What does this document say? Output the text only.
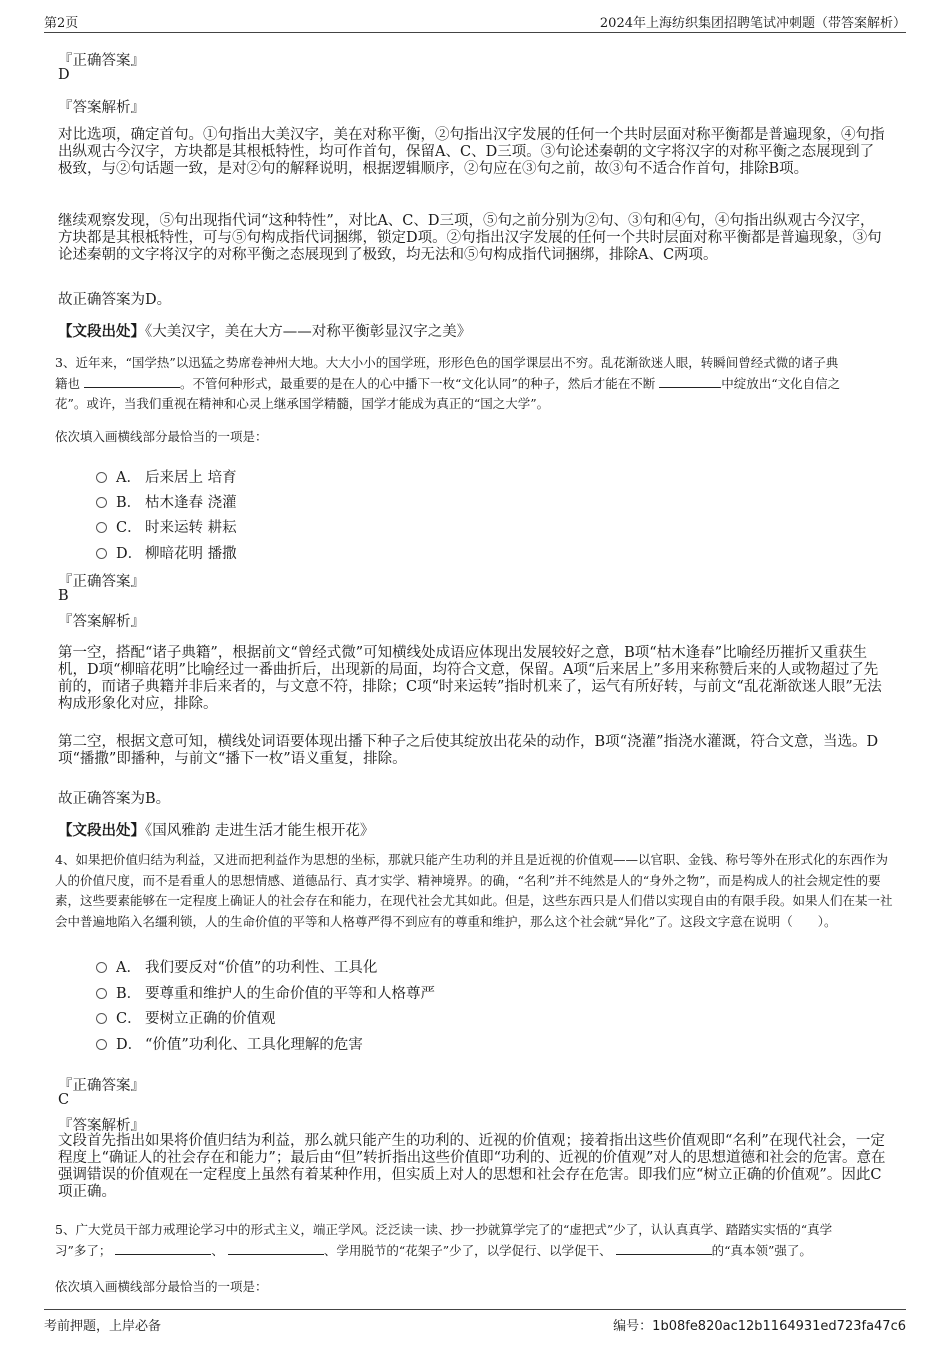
第2页	2024年上海纺织集团招聘笔试冲刺题（带答案解析）
『正确答案』
D
『答案解析』

对比选项，确定首句。①句指出大美汉字，美在对称平衡，②句指出汉字发展的任何一个共时层面对称平衡都是普遍现象，④句指出纵观古今汉字，方块都是其根柢特性，均可作首句，保留A、C、D三项。③句论述秦朝的文字将汉字的对称平衡之态展现到了极致，与②句话题一致，是对②句的解释说明，根据逻辑顺序，②句应在③句之前，故③句不适合作首句，排除B项。

继续观察发现，⑤句出现指代词“这种特性”，对比A、C、D三项，⑤句之前分别为②句、③句和④句，④句指出纵观古今汉字，方块都是其根柢特性，可与⑤句构成指代词捆绑，锁定D项。②句指出汉字发展的任何一个共时层面对称平衡都是普遍现象，③句论述秦朝的文字将汉字的对称平衡之态展现到了极致，均无法和⑤句构成指代词捆绑，排除A、C两项。

故正确答案为D。
【文段出处】《大美汉字，美在大方——对称平衡彰显汉字之美》
3、近年来，“国学热”以迅猛之势席卷神州大地。大大小小的国学班，形形色色的国学课层出不穷。乱花渐欲迷人眼，转瞬间曾经式微的诸子典
籍也	。不管何种形式，最重要的是在人的心中播下一枚“文化认同”的种子，然后才能在不断	中绽放出“文化自信之
花”。或许，当我们重视在精神和心灵上继承国学精髓，国学才能成为真正的“国之大学”。
依次填入画横线部分最恰当的一项是：
A． 后来居上 培育
B． 枯木逢春 浇灌
C． 时来运转 耕耘
D． 柳暗花明 播撒
『正确答案』
B
『答案解析』

第一空，搭配“诸子典籍”，根据前文“曾经式微”可知横线处成语应体现出发展较好之意，B项“枯木逢春”比喻经历摧折又重获生机，D项“柳暗花明”比喻经过一番曲折后，出现新的局面，均符合文意，保留。A项“后来居上”多用来称赞后来的人或物超过了先前的，而诸子典籍并非后来者的，与文意不符，排除；C项“时来运转”指时机来了，运气有所好转，与前文“乱花渐欲迷人眼”无法构成形象化对应，排除。

第二空，根据文意可知，横线处词语要体现出播下种子之后使其绽放出花朵的动作，B项“浇灌”指浇水灌溉，符合文意，当选。D项“播撒”即播种，与前文“播下一枚”语义重复，排除。

故正确答案为B。
【文段出处】《国风雅韵 走进生活才能生根开花》

4、如果把价值归结为利益，又进而把利益作为思想的坐标，那就只能产生功利的并且是近视的价值观——以官职、金钱、称号等外在形式化的东西作为人的价值尺度，而不是看重人的思想情感、道德品行、真才实学、精神境界。的确，“名利”并不纯然是人的“身外之物”，而是构成人的社会规定性的要素，这些要素能够在一定程度上确证人的社会存在和能力，在现代社会尤其如此。但是，这些东西只是人们借以实现自由的有限手段。如果人们在某一社会中普遍地陷入名缰利锁，人的生命价值的平等和人格尊严得不到应有的尊重和维护，那么这个社会就“异化”了。这段文字意在说明（　　）。

A． 我们要反对“价值”的功利性、工具化
B． 要尊重和维护人的生命价值的平等和人格尊严
C． 要树立正确的价值观
D． “价值”功利化、工具化理解的危害
『正确答案』
C
『答案解析』

文段首先指出如果将价值归结为利益，那么就只能产生的功利的、近视的价值观；接着指出这些价值观即“名利”在现代社会，一定程度上“确证人的社会存在和能力”；最后由“但”转折指出这些价值即“功利的、近视的价值观”对人的思想道德和社会的危害。意在强调错误的价值观在一定程度上虽然有着某种作用，但实质上对人的思想和社会存在危害。即我们应“树立正确的价值观”。因此C项正确。

5、广大党员干部力戒理论学习中的形式主义，端正学风。泛泛读一读、抄一抄就算学完了的“虚把式”少了，认认真真学、踏踏实实悟的“真学
习”多了；	、	、学用脱节的“花架子”少了，以学促行、以学促干、	的“真本领”强了。
依次填入画横线部分最恰当的一项是：
考前押题，上岸必备	编号：1b08fe820ac12b1164931ed723fa47c6
